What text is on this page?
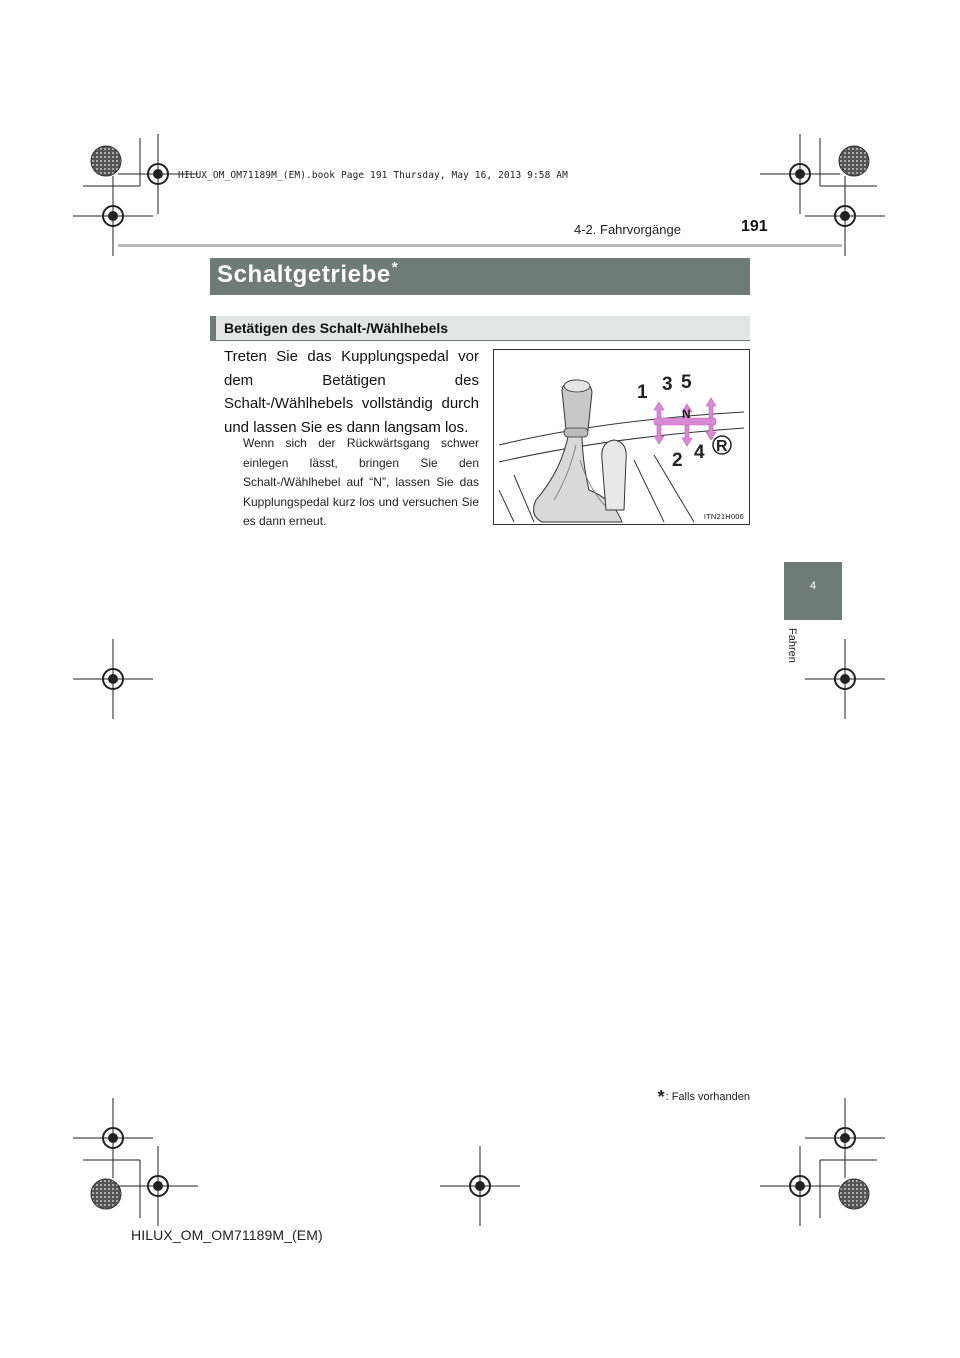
HILUX_OM_OM71189M_(EM).book Page 191 Thursday, May 16, 2013 9:58 AM
4-2. Fahrvorgänge	191
Schaltgetriebe*
Betätigen des Schalt-/Wählhebels
Treten Sie das Kupplungspedal vor dem Betätigen des Schalt-/Wählhebels vollständig durch und lassen Sie es dann langsam los.
Wenn sich der Rückwärtsgang schwer einlegen lässt, bringen Sie den Schalt-/Wählhebel auf “N”, lassen Sie das Kupplungspedal kurz los und versuchen Sie es dann erneut.
1 3 5
N
2 4 R
ITN21H006
4
Fahren
*: Falls vorhanden
HILUX_OM_OM71189M_(EM)
